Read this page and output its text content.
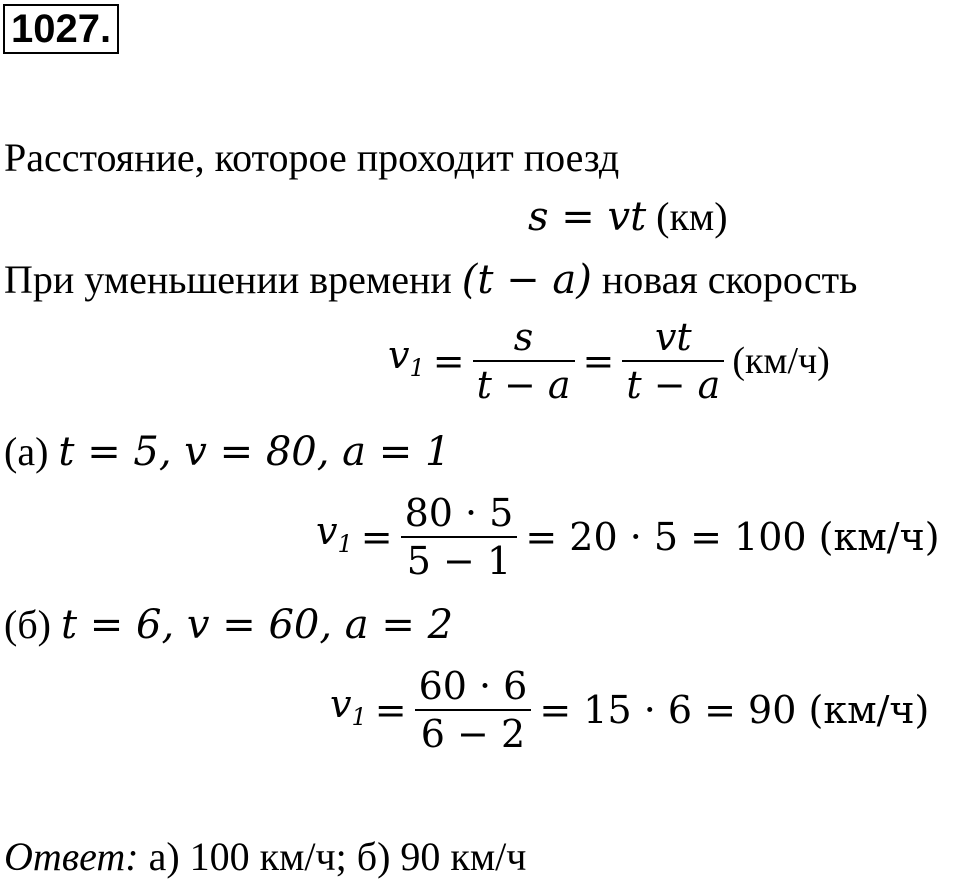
1027.
Расстояние, которое проходит поезд
s = vt (км)
При уменьшении времени (t − a) новая скорость
$v_1 = \frac{s}{t - a} = \frac{vt}{t - a} (км/ч)$
(а) t = 5, v = 80, a = 1
$v_1 = \frac{80 \cdot 5}{5 - 1} = 20 \cdot 5 = 100$ (км/ч)
(б) t = 6, v = 60, a = 2
$v_1 = \frac{60 \cdot 6}{6 - 2} = 15 \cdot 6 = 90$ (км/ч)
Ответ: а) 100 км/ч; б) 90 км/ч
